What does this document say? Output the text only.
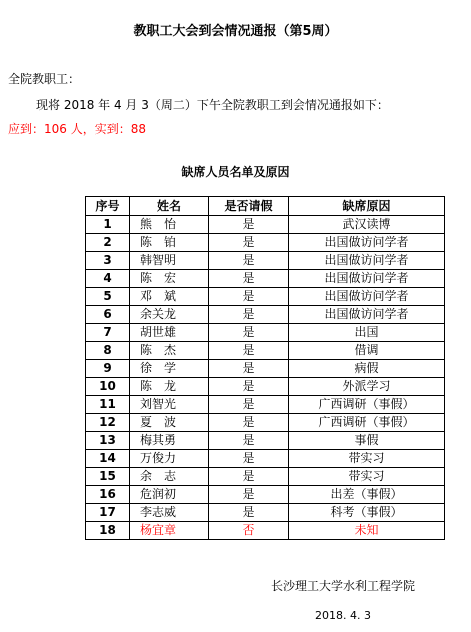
教职工大会到会情况通报（第5周）
全院教职工：
现将 2018 年 4 月 3（周二）下午全院教职工到会情况通报如下：
应到：106 人，实到：88
缺席人员名单及原因
序号	姓名	是否请假	缺席原因
1	熊　怡	是	武汉读博
2	陈　铂	是	出国做访问学者
3	韩智明	是	出国做访问学者
4	陈　宏	是	出国做访问学者
5	邓　斌	是	出国做访问学者
6	余关龙	是	出国做访问学者
7	胡世雄	是	出国
8	陈　杰	是	借调
9	徐　学	是	病假
10	陈　龙	是	外派学习
11	刘智光	是	广西调研（事假）
12	夏　波	是	广西调研（事假）
13	梅其勇	是	事假
14	万俊力	是	带实习
15	余　志	是	带实习
16	危润初	是	出差（事假）
17	李志威	是	科考（事假）
18	杨宜章	否	未知
长沙理工大学水利工程学院
2018. 4. 3
